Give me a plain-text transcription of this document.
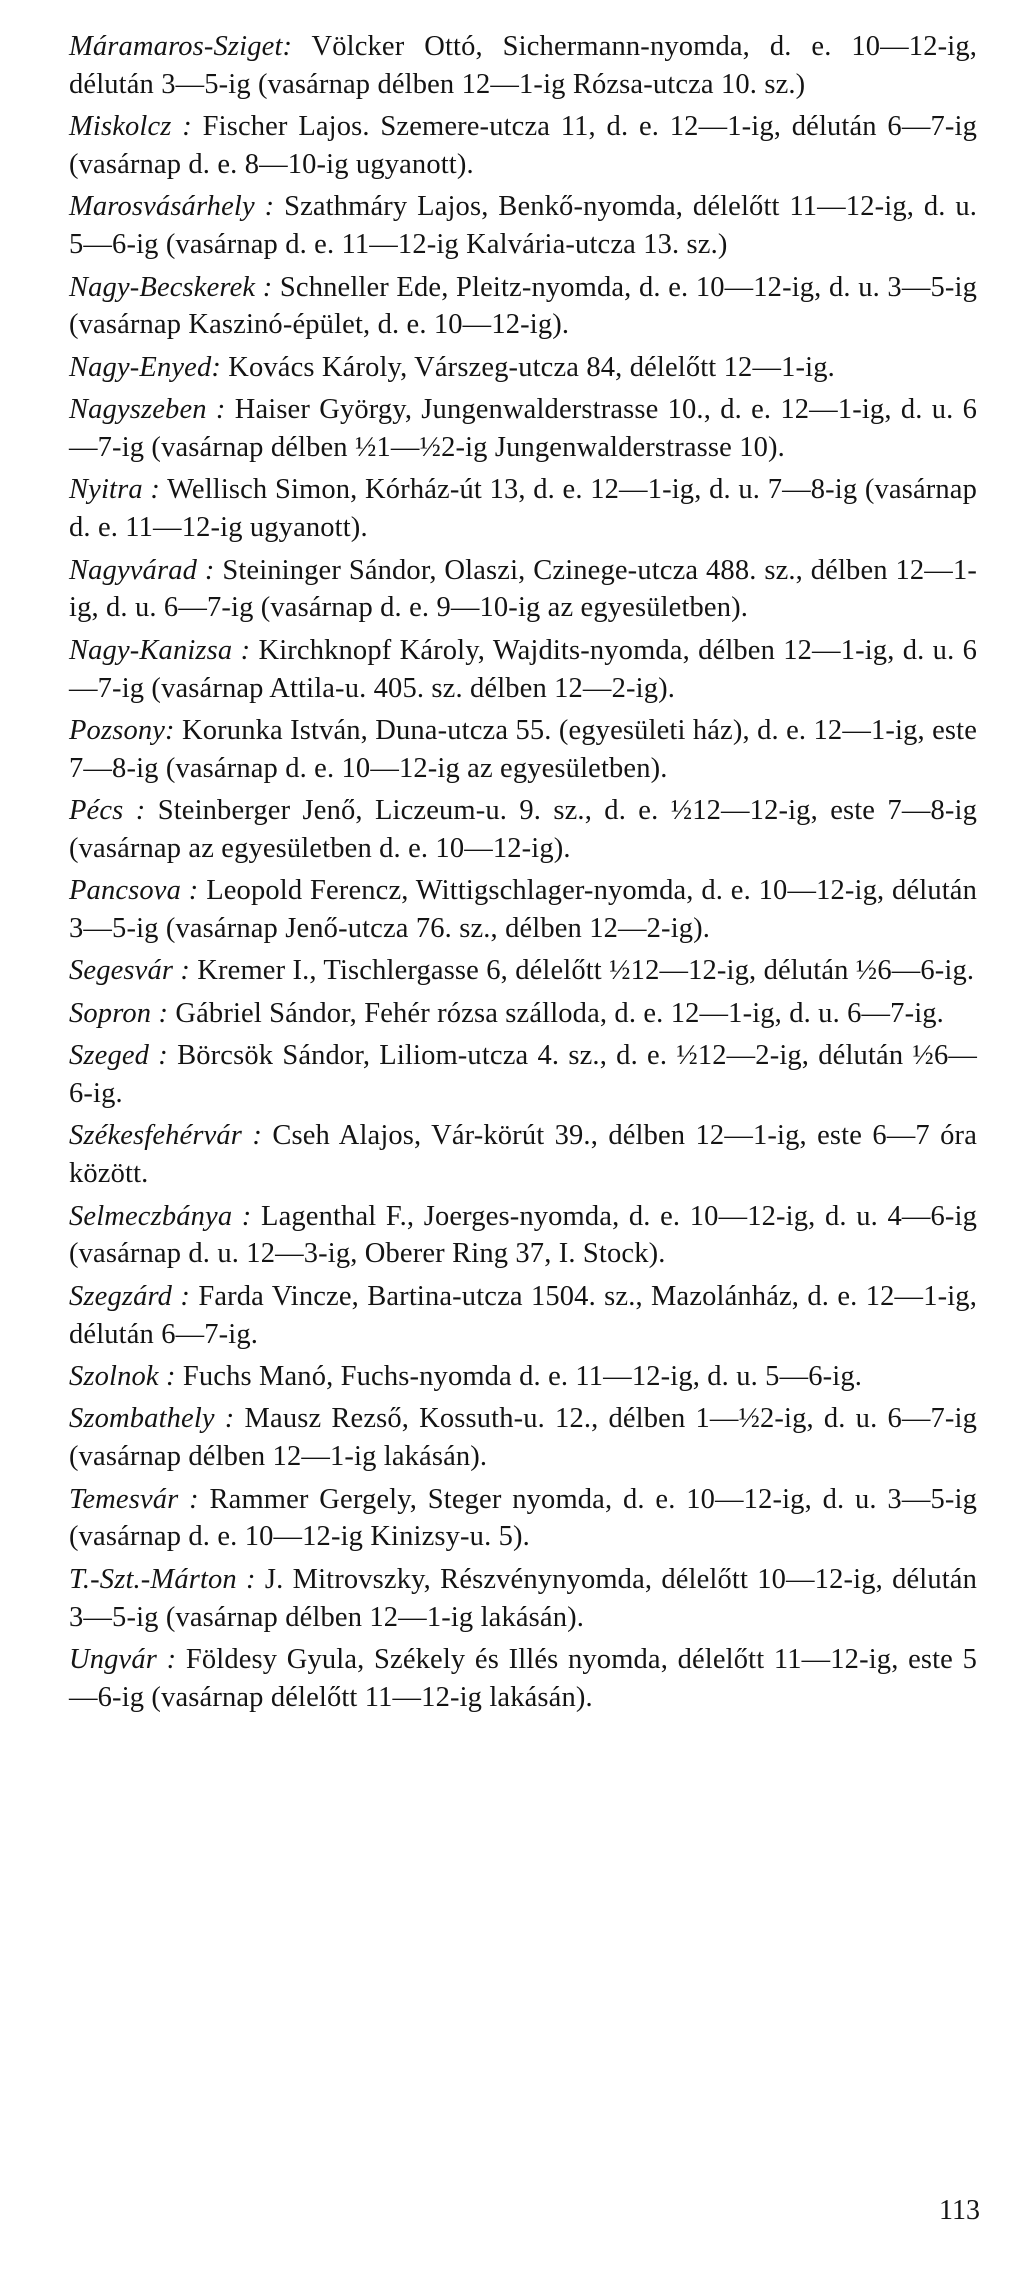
Máramaros-Sziget: Völcker Ottó, Sichermann-nyomda, d. e. 10—12-ig, délután 3—5-ig (vasárnap délben 12—1-ig Rózsa-utcza 10. sz.)

Miskolcz : Fischer Lajos. Szemere-utcza 11, d. e. 12—1-ig, délután 6—7-ig (vasárnap d. e. 8—10-ig ugyanott).

Marosvásárhely : Szathmáry Lajos, Benkő-nyomda, délelőtt 11—12-ig, d. u. 5—6-ig (vasárnap d. e. 11—12-ig Kalvária-utcza 13. sz.)

Nagy-Becskerek : Schneller Ede, Pleitz-nyomda, d. e. 10—12-ig, d. u. 3—5-ig (vasárnap Kaszinó-épület, d. e. 10—12-ig).

Nagy-Enyed: Kovács Károly, Várszeg-utcza 84, délelőtt 12—1-ig.

Nagyszeben : Haiser György, Jungenwalderstrasse 10., d. e. 12—1-ig, d. u. 6—7-ig (vasárnap délben ½1—½2-ig Jungenwalderstrasse 10).

Nyitra : Wellisch Simon, Kórház-út 13, d. e. 12—1-ig, d. u. 7—8-ig (vasárnap d. e. 11—12-ig ugyanott).

Nagyvárad : Steininger Sándor, Olaszi, Czinege-utcza 488. sz., délben 12—1-ig, d. u. 6—7-ig (vasárnap d. e. 9—10-ig az egyesületben).

Nagy-Kanizsa : Kirchknopf Károly, Wajdits-nyomda, délben 12—1-ig, d. u. 6—7-ig (vasárnap Attila-u. 405. sz. délben 12—2-ig).

Pozsony: Korunka István, Duna-utcza 55. (egyesületi ház), d. e. 12—1-ig, este 7—8-ig (vasárnap d. e. 10—12-ig az egyesületben).

Pécs : Steinberger Jenő, Liczeum-u. 9. sz., d. e. ½12—12-ig, este 7—8-ig (vasárnap az egyesületben d. e. 10—12-ig).

Pancsova : Leopold Ferencz, Wittigschlager-nyomda, d. e. 10—12-ig, délután 3—5-ig (vasárnap Jenő-utcza 76. sz., délben 12—2-ig).

Segesvár : Kremer I., Tischlergasse 6, délelőtt ½12—12-ig, délután ½6—6-ig.

Sopron : Gábriel Sándor, Fehér rózsa szálloda, d. e. 12—1-ig, d. u. 6—7-ig.

Szeged : Börcsök Sándor, Liliom-utcza 4. sz., d. e. ½12—2-ig, délután ½6—6-ig.

Székesfehérvár : Cseh Alajos, Vár-körút 39., délben 12—1-ig, este 6—7 óra között.

Selmeczbánya : Lagenthal F., Joerges-nyomda, d. e. 10—12-ig, d. u. 4—6-ig (vasárnap d. u. 12—3-ig, Oberer Ring 37, I. Stock).

Szegzárd : Farda Vincze, Bartina-utcza 1504. sz., Mazolánház, d. e. 12—1-ig, délután 6—7-ig.

Szolnok : Fuchs Manó, Fuchs-nyomda d. e. 11—12-ig, d. u. 5—6-ig.

Szombathely : Mausz Rezső, Kossuth-u. 12., délben 1—½2-ig, d. u. 6—7-ig (vasárnap délben 12—1-ig lakásán).

Temesvár : Rammer Gergely, Steger nyomda, d. e. 10—12-ig, d. u. 3—5-ig (vasárnap d. e. 10—12-ig Kinizsy-u. 5).

T.-Szt.-Márton : J. Mitrovszky, Részvénynyomda, délelőtt 10—12-ig, délután 3—5-ig (vasárnap délben 12—1-ig lakásán).

Ungvár : Földesy Gyula, Székely és Illés nyomda, délelőtt 11—12-ig, este 5—6-ig (vasárnap délelőtt 11—12-ig lakásán).

113
